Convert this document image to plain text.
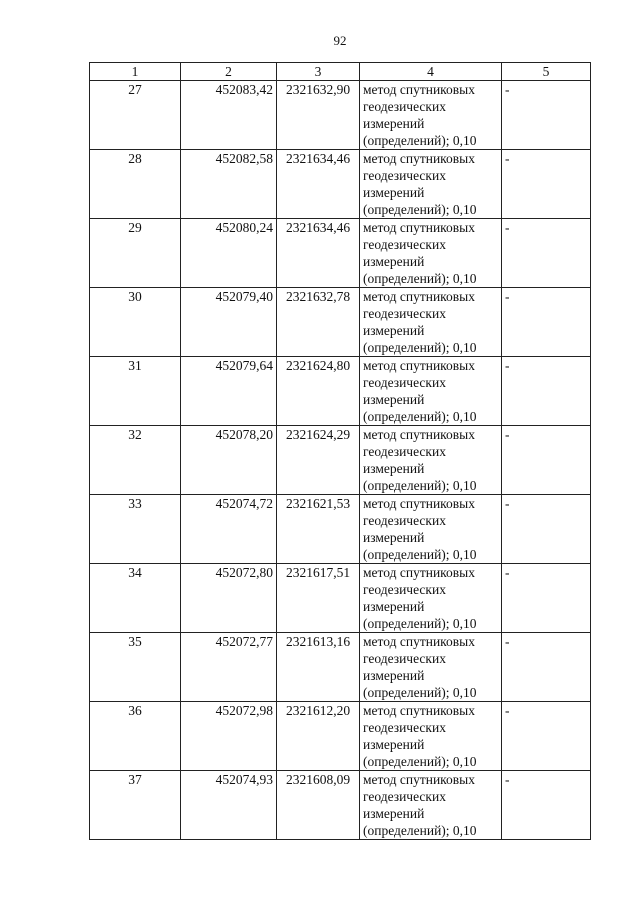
92
1	2	3	4	5
27	452083,42	2321632,90	метод спутниковых
геодезических
измерений
(определений); 0,10	-
28	452082,58	2321634,46	метод спутниковых
геодезических
измерений
(определений); 0,10	-
29	452080,24	2321634,46	метод спутниковых
геодезических
измерений
(определений); 0,10	-
30	452079,40	2321632,78	метод спутниковых
геодезических
измерений
(определений); 0,10	-
31	452079,64	2321624,80	метод спутниковых
геодезических
измерений
(определений); 0,10	-
32	452078,20	2321624,29	метод спутниковых
геодезических
измерений
(определений); 0,10	-
33	452074,72	2321621,53	метод спутниковых
геодезических
измерений
(определений); 0,10	-
34	452072,80	2321617,51	метод спутниковых
геодезических
измерений
(определений); 0,10	-
35	452072,77	2321613,16	метод спутниковых
геодезических
измерений
(определений); 0,10	-
36	452072,98	2321612,20	метод спутниковых
геодезических
измерений
(определений); 0,10	-
37	452074,93	2321608,09	метод спутниковых
геодезических
измерений
(определений); 0,10	-
